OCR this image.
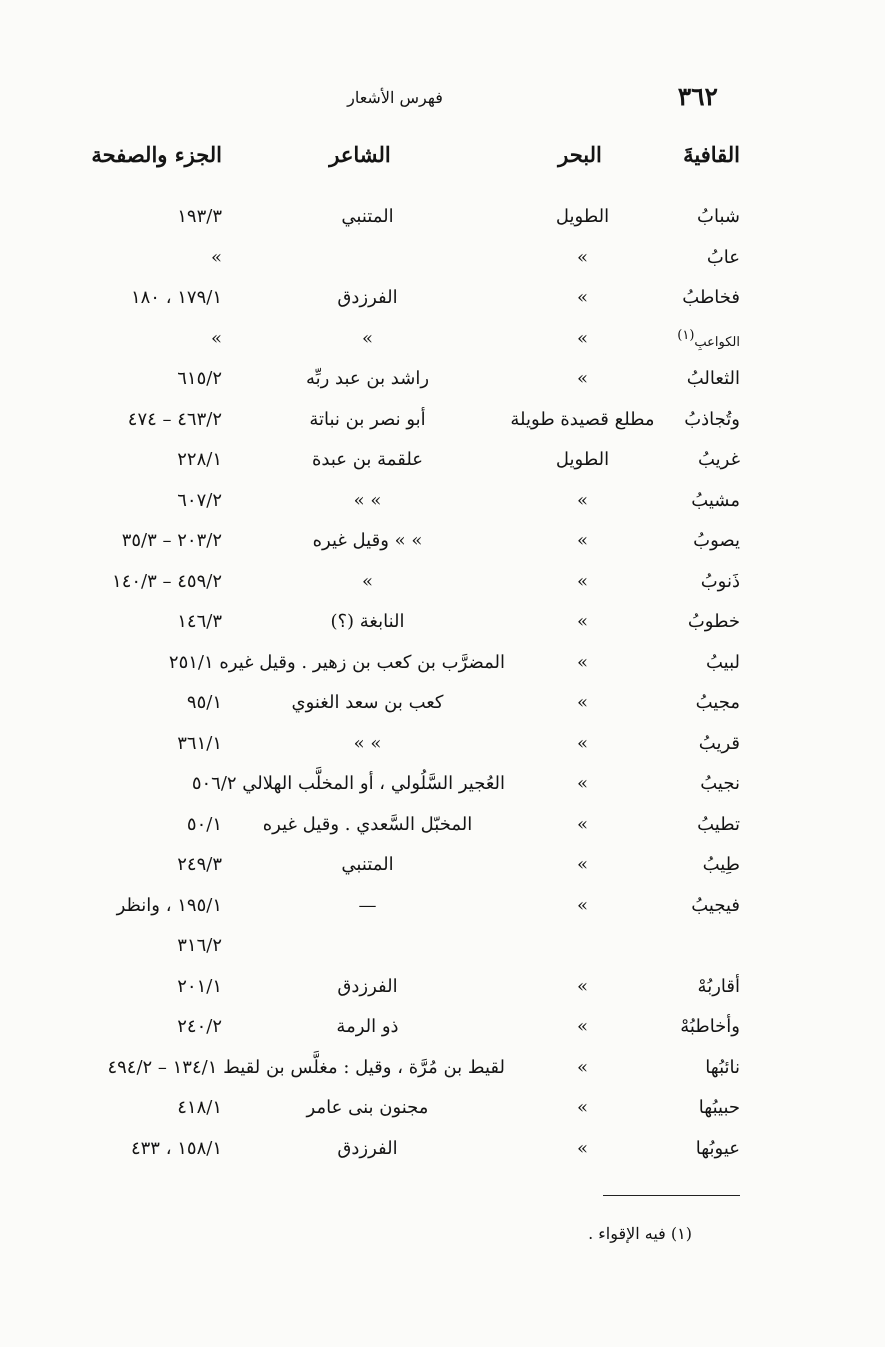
٣٦٢
فهرس الأشعار
القافيةَ
البحر
الشاعر
الجزء والصفحة
شبابُ
الطويل
المتنبي
١٩٣/٣
عابُ
»
»
فخاطبُ
»
الفرزدق
١٧٩/١ ، ١٨٠
الكواعبِ$^{(١)}$
»
»
»
الثعالبُ
»
راشد بن عبد ربِّه
٦١٥/٢
وتُجاذبُ
مطلع قصيدة طويلة
أبو نصر بن نباتة
٤٦٣/٢ – ٤٧٤
غريبُ
الطويل
علقمة بن عبدة
٢٢٨/١
مشيبُ
»
» »
٦٠٧/٢
يصوبُ
»
» » وقيل غيره
٢٠٣/٢ – ٣٥/٣
ذَنوبُ
»
»
٤٥٩/٢ – ١٤٠/٣
خطوبُ
»
النابغة (؟)
١٤٦/٣
لبيبُ
»
المضرَّب بن كعب بن زهير . وقيل غيره ٢٥١/١
مجيبُ
»
كعب بن سعد الغنوي
٩٥/١
قريبُ
»
» »
٣٦١/١
نجيبُ
»
العُجير السَّلُولي ، أو المخلَّب الهلالي ٥٠٦/٢
تطيبُ
»
المخبّل السَّعدي . وقيل غيره
٥٠/١
طِيبُ
»
المتنبي
٢٤٩/٣
فيجيبُ
»
—
١٩٥/١ ، وانظر
٣١٦/٢
أقاربُهْ
»
الفرزدق
٢٠١/١
وأخاطبُهْ
»
ذو الرمة
٢٤٠/٢
نائبُها
»
لقيط بن مُرَّة ، وقيل : مغلَّس بن لقيط ١٣٤/١ – ٤٩٤/٢
حبيبُها
»
مجنون بنى عامر
٤١٨/١
عيوبُها
»
الفرزدق
١٥٨/١ ، ٤٣٣
(١) فيه الإقواء .
